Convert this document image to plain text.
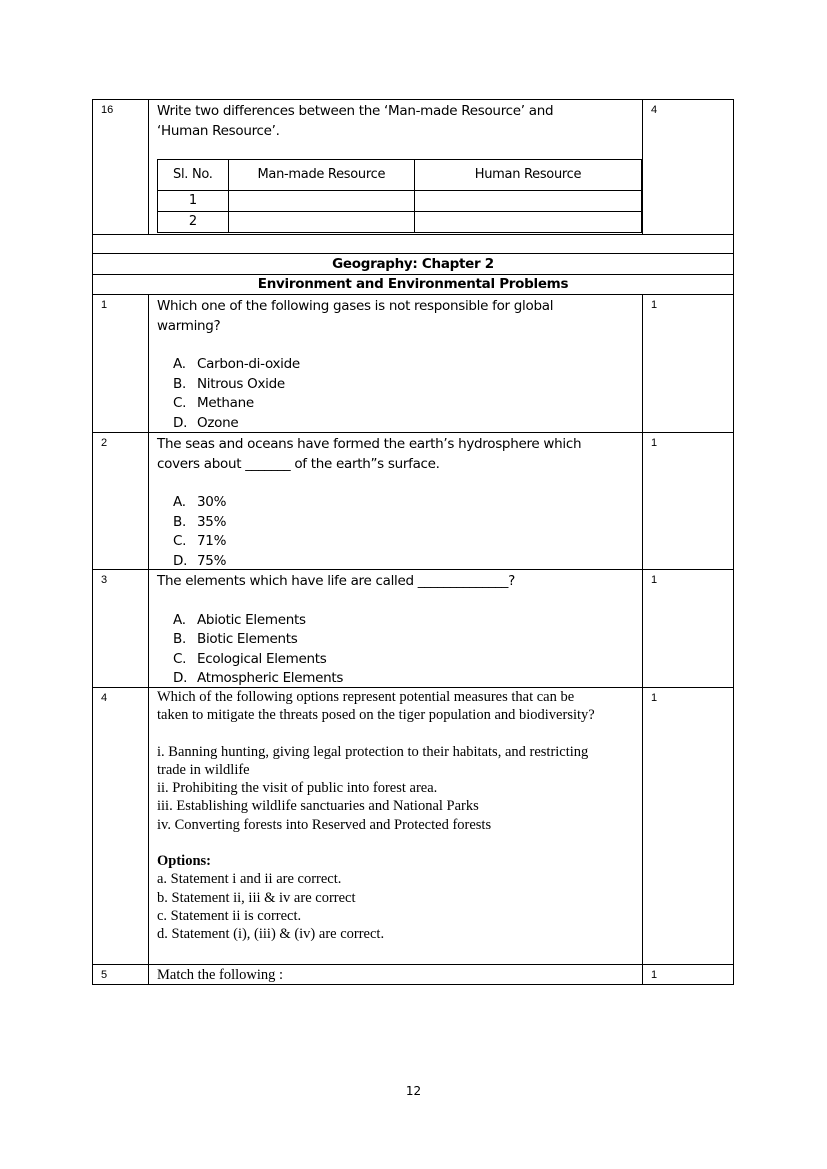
16	Write two differences between the ‘Man-made Resource’ and
‘Human Resource’.
Sl. No.	Man-made Resource	Human Resource
1		
2		
4
Geography: Chapter 2
Environment and Environmental Problems
1	Which one of the following gases is not responsible for global
warming?
A. Carbon-di-oxide
B. Nitrous Oxide
C. Methane
D. Ozone
1
2	The seas and oceans have formed the earth’s hydrosphere which
covers about _______ of the earth”s surface.
A. 30%
B. 35%
C. 71%
D. 75%
1
3	The elements which have life are called ______________?
A. Abiotic Elements
B. Biotic Elements
C. Ecological Elements
D. Atmospheric Elements
1
4	Which of the following options represent potential measures that can be
taken to mitigate the threats posed on the tiger population and biodiversity?
i. Banning hunting, giving legal protection to their habitats, and restricting
trade in wildlife
ii. Prohibiting the visit of public into forest area.
iii. Establishing wildlife sanctuaries and National Parks
iv. Converting forests into Reserved and Protected forests
Options:
a. Statement i and ii are correct.
b. Statement ii, iii & iv are correct
c. Statement ii is correct.
d. Statement (i), (iii) & (iv) are correct.
1
5	Match the following :	1
12
